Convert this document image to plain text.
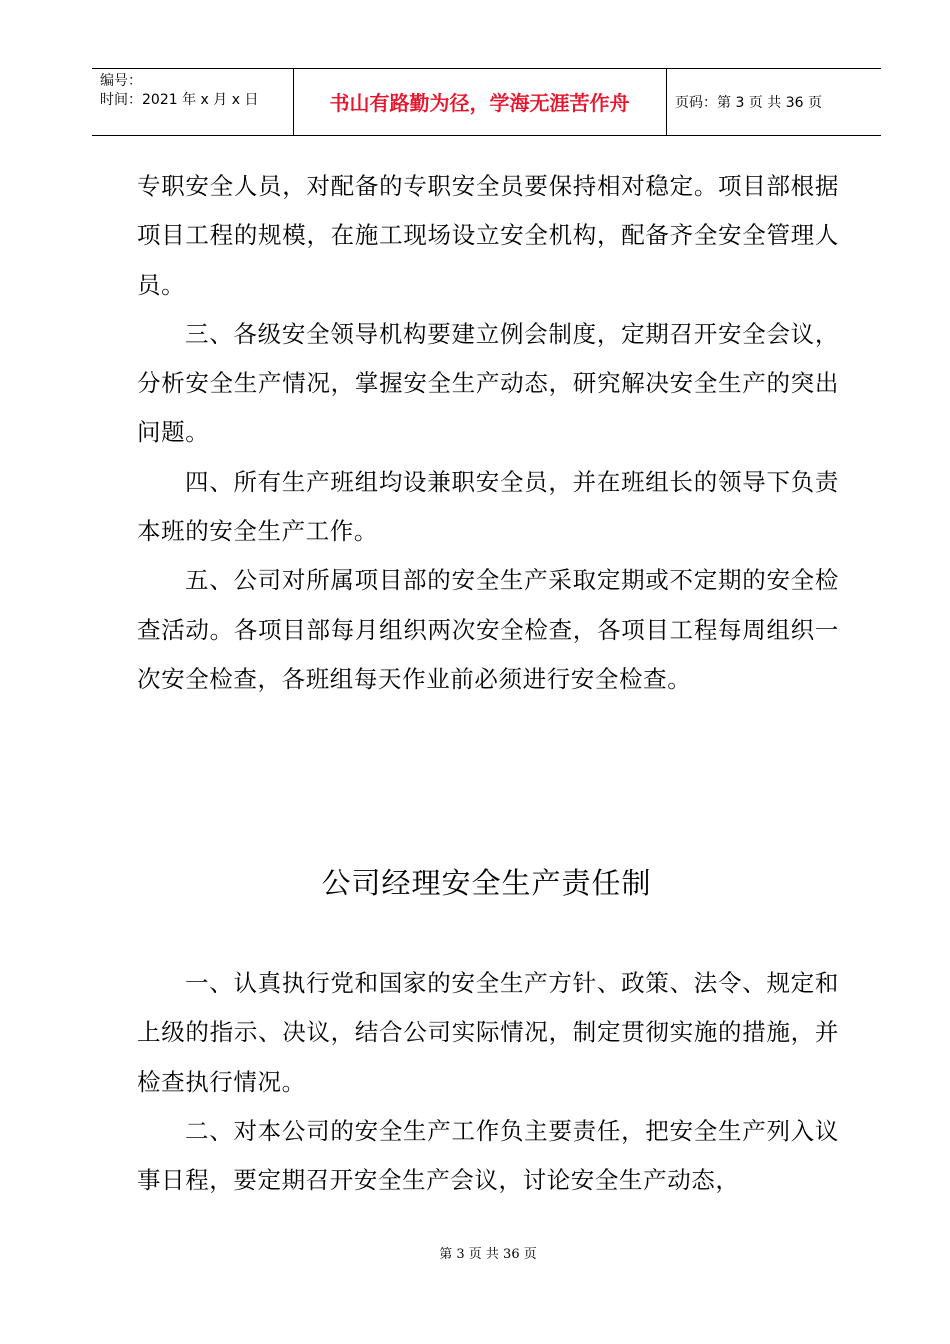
编号：
时间：2021 年 x 月 x 日	书山有路勤为径，学海无涯苦作舟	页码：第 3 页 共 36 页

专职安全人员，对配备的专职安全员要保持相对稳定。项目部根据项目工程的规模，在施工现场设立安全机构，配备齐全安全管理人员。

三、各级安全领导机构要建立例会制度，定期召开安全会议，分析安全生产情况，掌握安全生产动态，研究解决安全生产的突出问题。

四、所有生产班组均设兼职安全员，并在班组长的领导下负责本班的安全生产工作。

五、公司对所属项目部的安全生产采取定期或不定期的安全检查活动。各项目部每月组织两次安全检查，各项目工程每周组织一次安全检查，各班组每天作业前必须进行安全检查。

公司经理安全生产责任制

一、认真执行党和国家的安全生产方针、政策、法令、规定和上级的指示、决议，结合公司实际情况，制定贯彻实施的措施，并检查执行情况。

二、对本公司的安全生产工作负主要责任，把安全生产列入议事日程，要定期召开安全生产会议，讨论安全生产动态，

第 3 页 共 36 页
